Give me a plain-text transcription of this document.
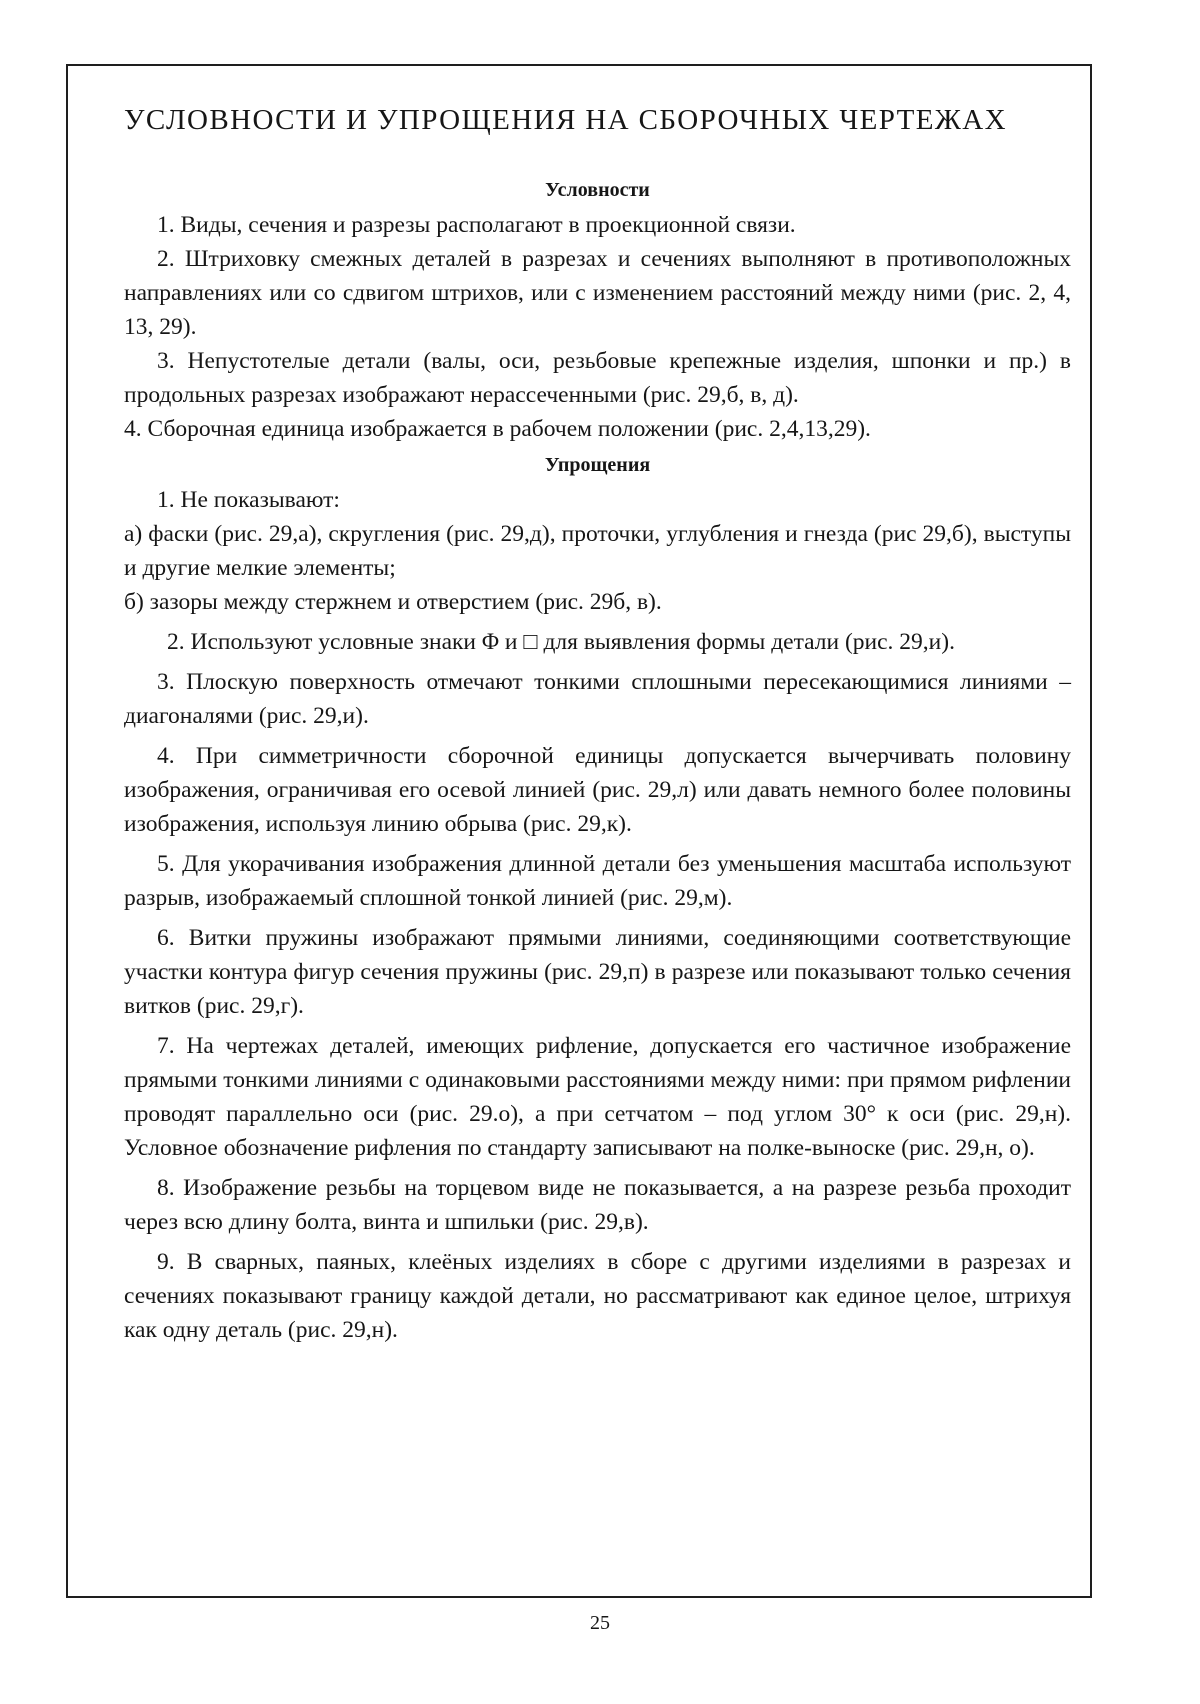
УСЛОВНОСТИ И УПРОЩЕНИЯ НА СБОРОЧНЫХ ЧЕРТЕЖАХ
Условности

1. Виды, сечения и разрезы располагают в проекционной связи.

2. Штриховку смежных деталей в разрезах и сечениях выполняют в противоположных направлениях или со сдвигом штрихов, или с изменением расстояний между ними (рис. 2, 4, 13, 29).

3. Непустотелые детали (валы, оси, резьбовые крепежные изделия, шпонки и пр.) в продольных разрезах изображают нерассеченными (рис. 29,б, в, д).

4. Сборочная единица изображается в рабочем положении (рис. 2,4,13,29).

Упрощения

1. Не показывают:

а) фаски (рис. 29,а), скругления (рис. 29,д), проточки, углубления и гнезда (рис 29,б), выступы и другие мелкие элементы;

б) зазоры между стержнем и отверстием (рис. 29б, в).

2. Используют условные знаки Φ и □ для выявления формы детали (рис. 29,и).

3. Плоскую поверхность отмечают тонкими сплошными пересекающимися линиями – диагоналями (рис. 29,и).

4. При симметричности сборочной единицы допускается вычерчивать половину изображения, ограничивая его осевой линией (рис. 29,л) или давать немного более половины изображения, используя линию обрыва (рис. 29,к).

5. Для укорачивания изображения длинной детали без уменьшения масштаба используют разрыв, изображаемый сплошной тонкой линией (рис. 29,м).

6. Витки пружины изображают прямыми линиями, соединяющими соответствующие участки контура фигур сечения пружины (рис. 29,п) в разрезе или показывают только сечения витков (рис. 29,г).

7. На чертежах деталей, имеющих рифление, допускается его частичное изображение прямыми тонкими линиями с одинаковыми расстояниями между ними: при прямом рифлении проводят параллельно оси (рис. 29.о), а при сетчатом – под углом 30° к оси (рис. 29,н). Условное обозначение рифления по стандарту записывают на полке-выноске (рис. 29,н, о).

8. Изображение резьбы на торцевом виде не показывается, а на разрезе резьба проходит через всю длину болта, винта и шпильки (рис. 29,в).

9. В сварных, паяных, клеёных изделиях в сборе с другими изделиями в разрезах и сечениях показывают границу каждой детали, но рассматривают как единое целое, штрихуя как одну деталь (рис. 29,н).

25
